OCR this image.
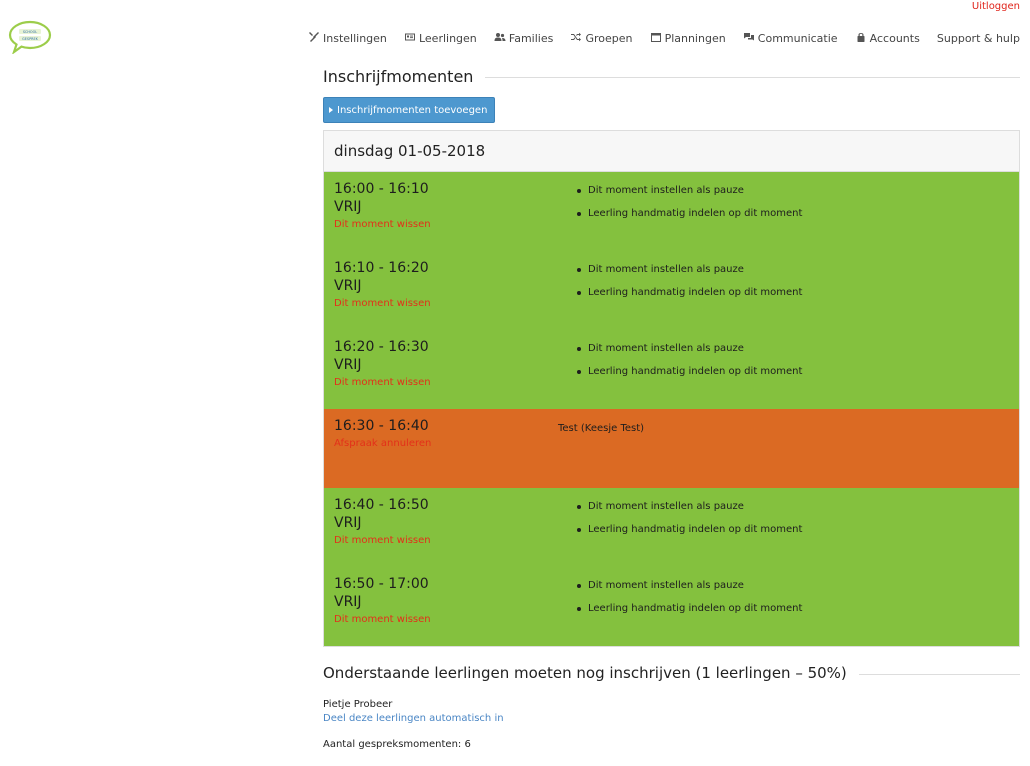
Uitloggen
SCHOOL
GESPREK	Instellingen	Leerlingen	Families	Groepen	Planningen	Communicatie	Accounts Support & hulp
Inschrijfmomenten
Inschrijfmomenten toevoegen
dinsdag 01-05-2018
16:00 - 16:10
VRIJ
Dit moment wissen
Dit moment instellen als pauze
Leerling handmatig indelen op dit moment
16:10 - 16:20
VRIJ
Dit moment wissen
Dit moment instellen als pauze
Leerling handmatig indelen op dit moment
16:20 - 16:30
VRIJ
Dit moment wissen
Dit moment instellen als pauze
Leerling handmatig indelen op dit moment
16:30 - 16:40
Afspraak annuleren
Test (Keesje Test)
16:40 - 16:50
VRIJ
Dit moment wissen
Dit moment instellen als pauze
Leerling handmatig indelen op dit moment
16:50 - 17:00
VRIJ
Dit moment wissen
Dit moment instellen als pauze
Leerling handmatig indelen op dit moment
Onderstaande leerlingen moeten nog inschrijven (1 leerlingen – 50%)
Pietje Probeer
Deel deze leerlingen automatisch in
Aantal gespreksmomenten: 6
